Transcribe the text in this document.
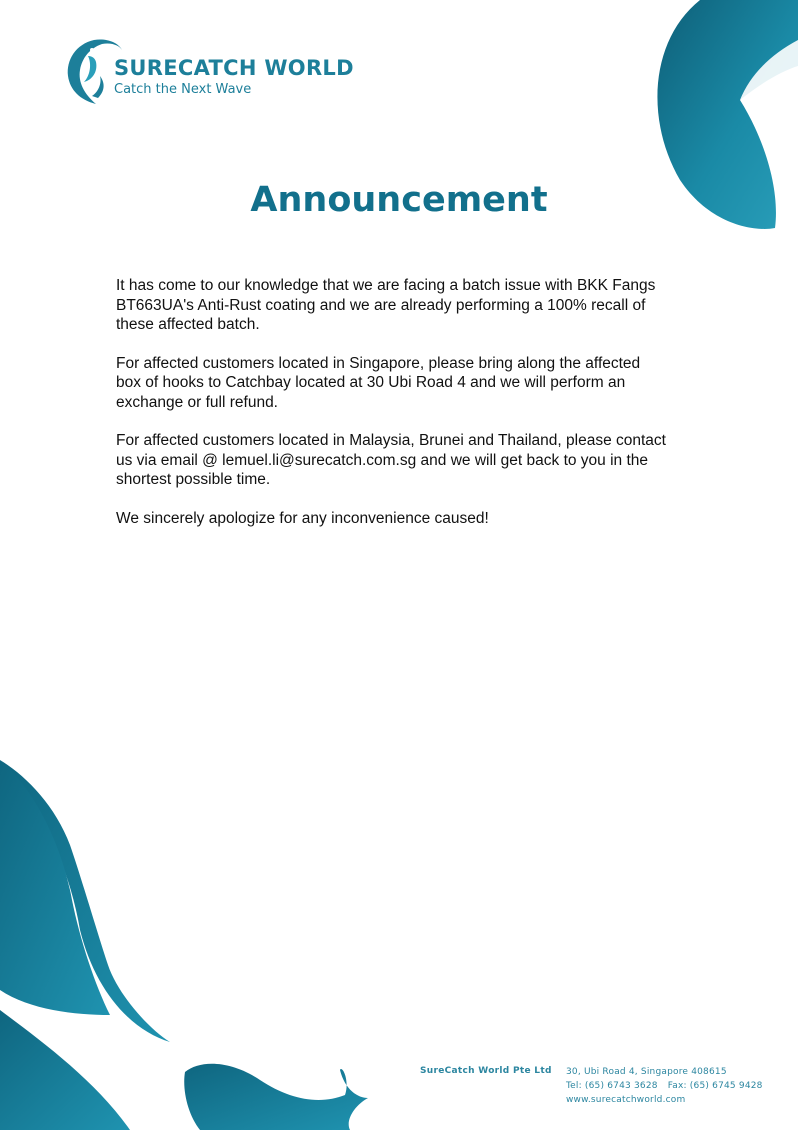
SURECATCH WORLD
Catch the Next Wave
Announcement

It has come to our knowledge that we are facing a batch issue with BKK Fangs
BT663UA's Anti-Rust coating and we are already performing a 100% recall of
these affected batch.

For affected customers located in Singapore, please bring along the affected
box of hooks to Catchbay located at 30 Ubi Road 4 and we will perform an
exchange or full refund.

For affected customers located in Malaysia, Brunei and Thailand, please contact
us via email @ lemuel.li@surecatch.com.sg and we will get back to you in the
shortest possible time.

We sincerely apologize for any inconvenience caused!

SureCatch World Pte Ltd 30, Ubi Road 4, Singapore 408615
Tel: (65) 6743 3628 Fax: (65) 6745 9428
www.surecatchworld.com
